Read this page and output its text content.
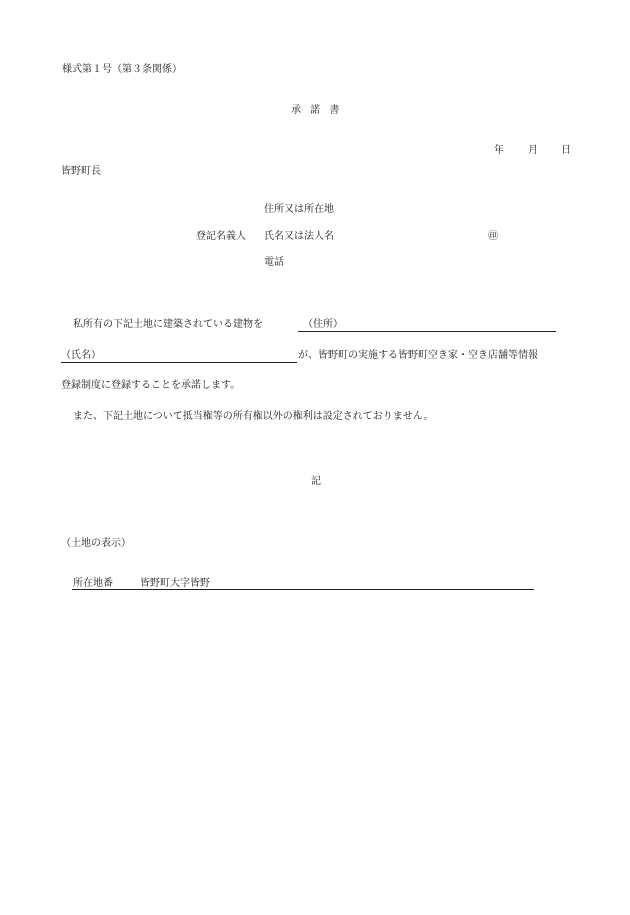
様式第１号（第３条関係）
承 諾 書
年 月 日
皆野町長
住所又は所在地
登記名義人 氏名又は法人名	㊞
電話
私所有の下記土地に建築されている建物を	（住所）
（氏名）	が、皆野町の実施する皆野町空き家・空き店舗等情報
登録制度に登録することを承諾します。
また、下記土地について抵当権等の所有権以外の権利は設定されておりません。
記
（土地の表示）
所在地番	皆野町大字皆野
